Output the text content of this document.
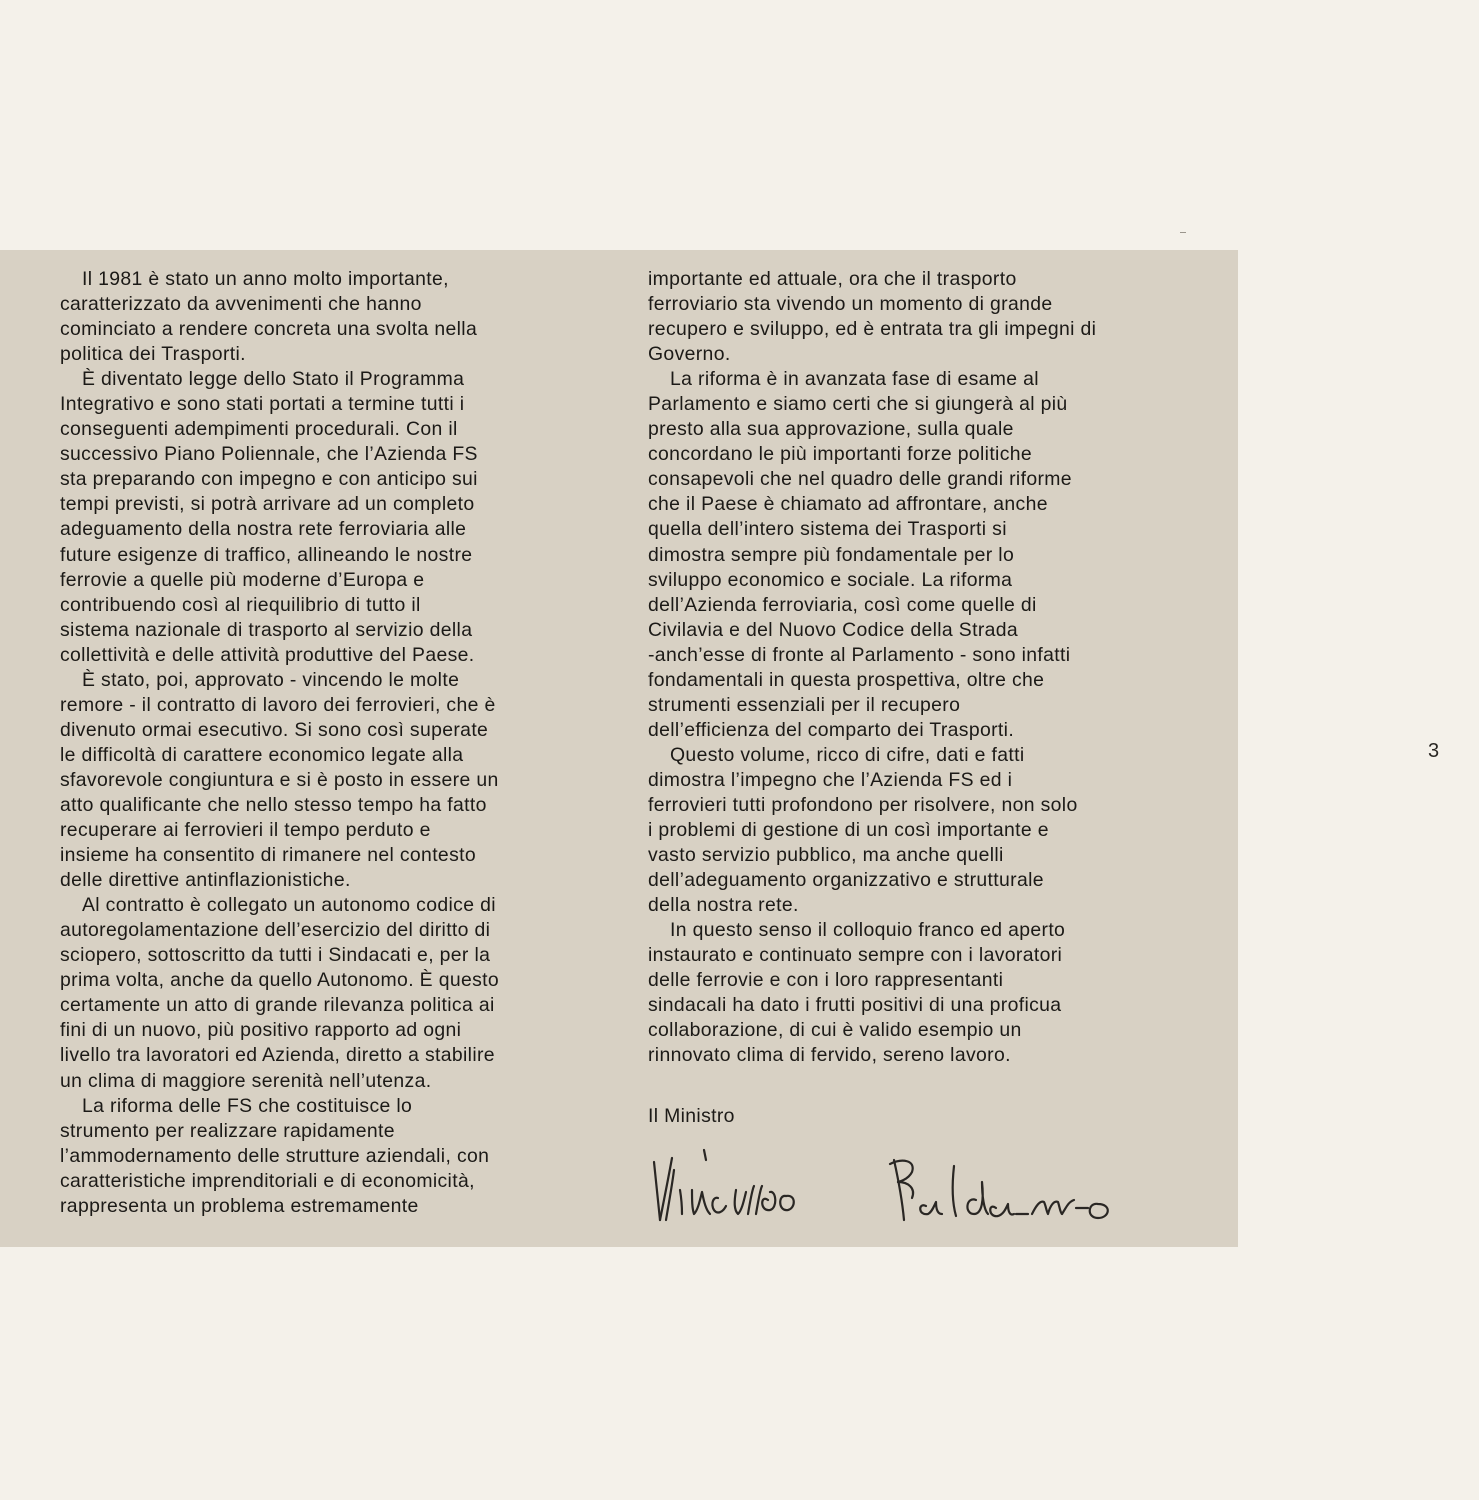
Il 1981 è stato un anno molto importante,
caratterizzato da avvenimenti che hanno
cominciato a rendere concreta una svolta nella
politica dei Trasporti.
È diventato legge dello Stato il Programma
Integrativo e sono stati portati a termine tutti i
conseguenti adempimenti procedurali. Con il
successivo Piano Poliennale, che l’Azienda FS
sta preparando con impegno e con anticipo sui
tempi previsti, si potrà arrivare ad un completo
adeguamento della nostra rete ferroviaria alle
future esigenze di traffico, allineando le nostre
ferrovie a quelle più moderne d’Europa e
contribuendo così al riequilibrio di tutto il
sistema nazionale di trasporto al servizio della
collettività e delle attività produttive del Paese.
È stato, poi, approvato - vincendo le molte
remore - il contratto di lavoro dei ferrovieri, che è
divenuto ormai esecutivo. Si sono così superate
le difficoltà di carattere economico legate alla
sfavorevole congiuntura e si è posto in essere un
atto qualificante che nello stesso tempo ha fatto
recuperare ai ferrovieri il tempo perduto e
insieme ha consentito di rimanere nel contesto
delle direttive antinflazionistiche.
Al contratto è collegato un autonomo codice di
autoregolamentazione dell’esercizio del diritto di
sciopero, sottoscritto da tutti i Sindacati e, per la
prima volta, anche da quello Autonomo. È questo
certamente un atto di grande rilevanza politica ai
fini di un nuovo, più positivo rapporto ad ogni
livello tra lavoratori ed Azienda, diretto a stabilire
un clima di maggiore serenità nell’utenza.
La riforma delle FS che costituisce lo
strumento per realizzare rapidamente
l’ammodernamento delle strutture aziendali, con
caratteristiche imprenditoriali e di economicità,
rappresenta un problema estremamente
importante ed attuale, ora che il trasporto
ferroviario sta vivendo un momento di grande
recupero e sviluppo, ed è entrata tra gli impegni di
Governo.
La riforma è in avanzata fase di esame al
Parlamento e siamo certi che si giungerà al più
presto alla sua approvazione, sulla quale
concordano le più importanti forze politiche
consapevoli che nel quadro delle grandi riforme
che il Paese è chiamato ad affrontare, anche
quella dell’intero sistema dei Trasporti si
dimostra sempre più fondamentale per lo
sviluppo economico e sociale. La riforma
dell’Azienda ferroviaria, così come quelle di
Civilavia e del Nuovo Codice della Strada
-anch’esse di fronte al Parlamento - sono infatti
fondamentali in questa prospettiva, oltre che
strumenti essenziali per il recupero
dell’efficienza del comparto dei Trasporti.
Questo volume, ricco di cifre, dati e fatti
dimostra l’impegno che l’Azienda FS ed i
ferrovieri tutti profondono per risolvere, non solo
i problemi di gestione di un così importante e
vasto servizio pubblico, ma anche quelli
dell’adeguamento organizzativo e strutturale
della nostra rete.
In questo senso il colloquio franco ed aperto
instaurato e continuato sempre con i lavoratori
delle ferrovie e con i loro rappresentanti
sindacali ha dato i frutti positivi di una proficua
collaborazione, di cui è valido esempio un
rinnovato clima di fervido, sereno lavoro.
Il Ministro
3
